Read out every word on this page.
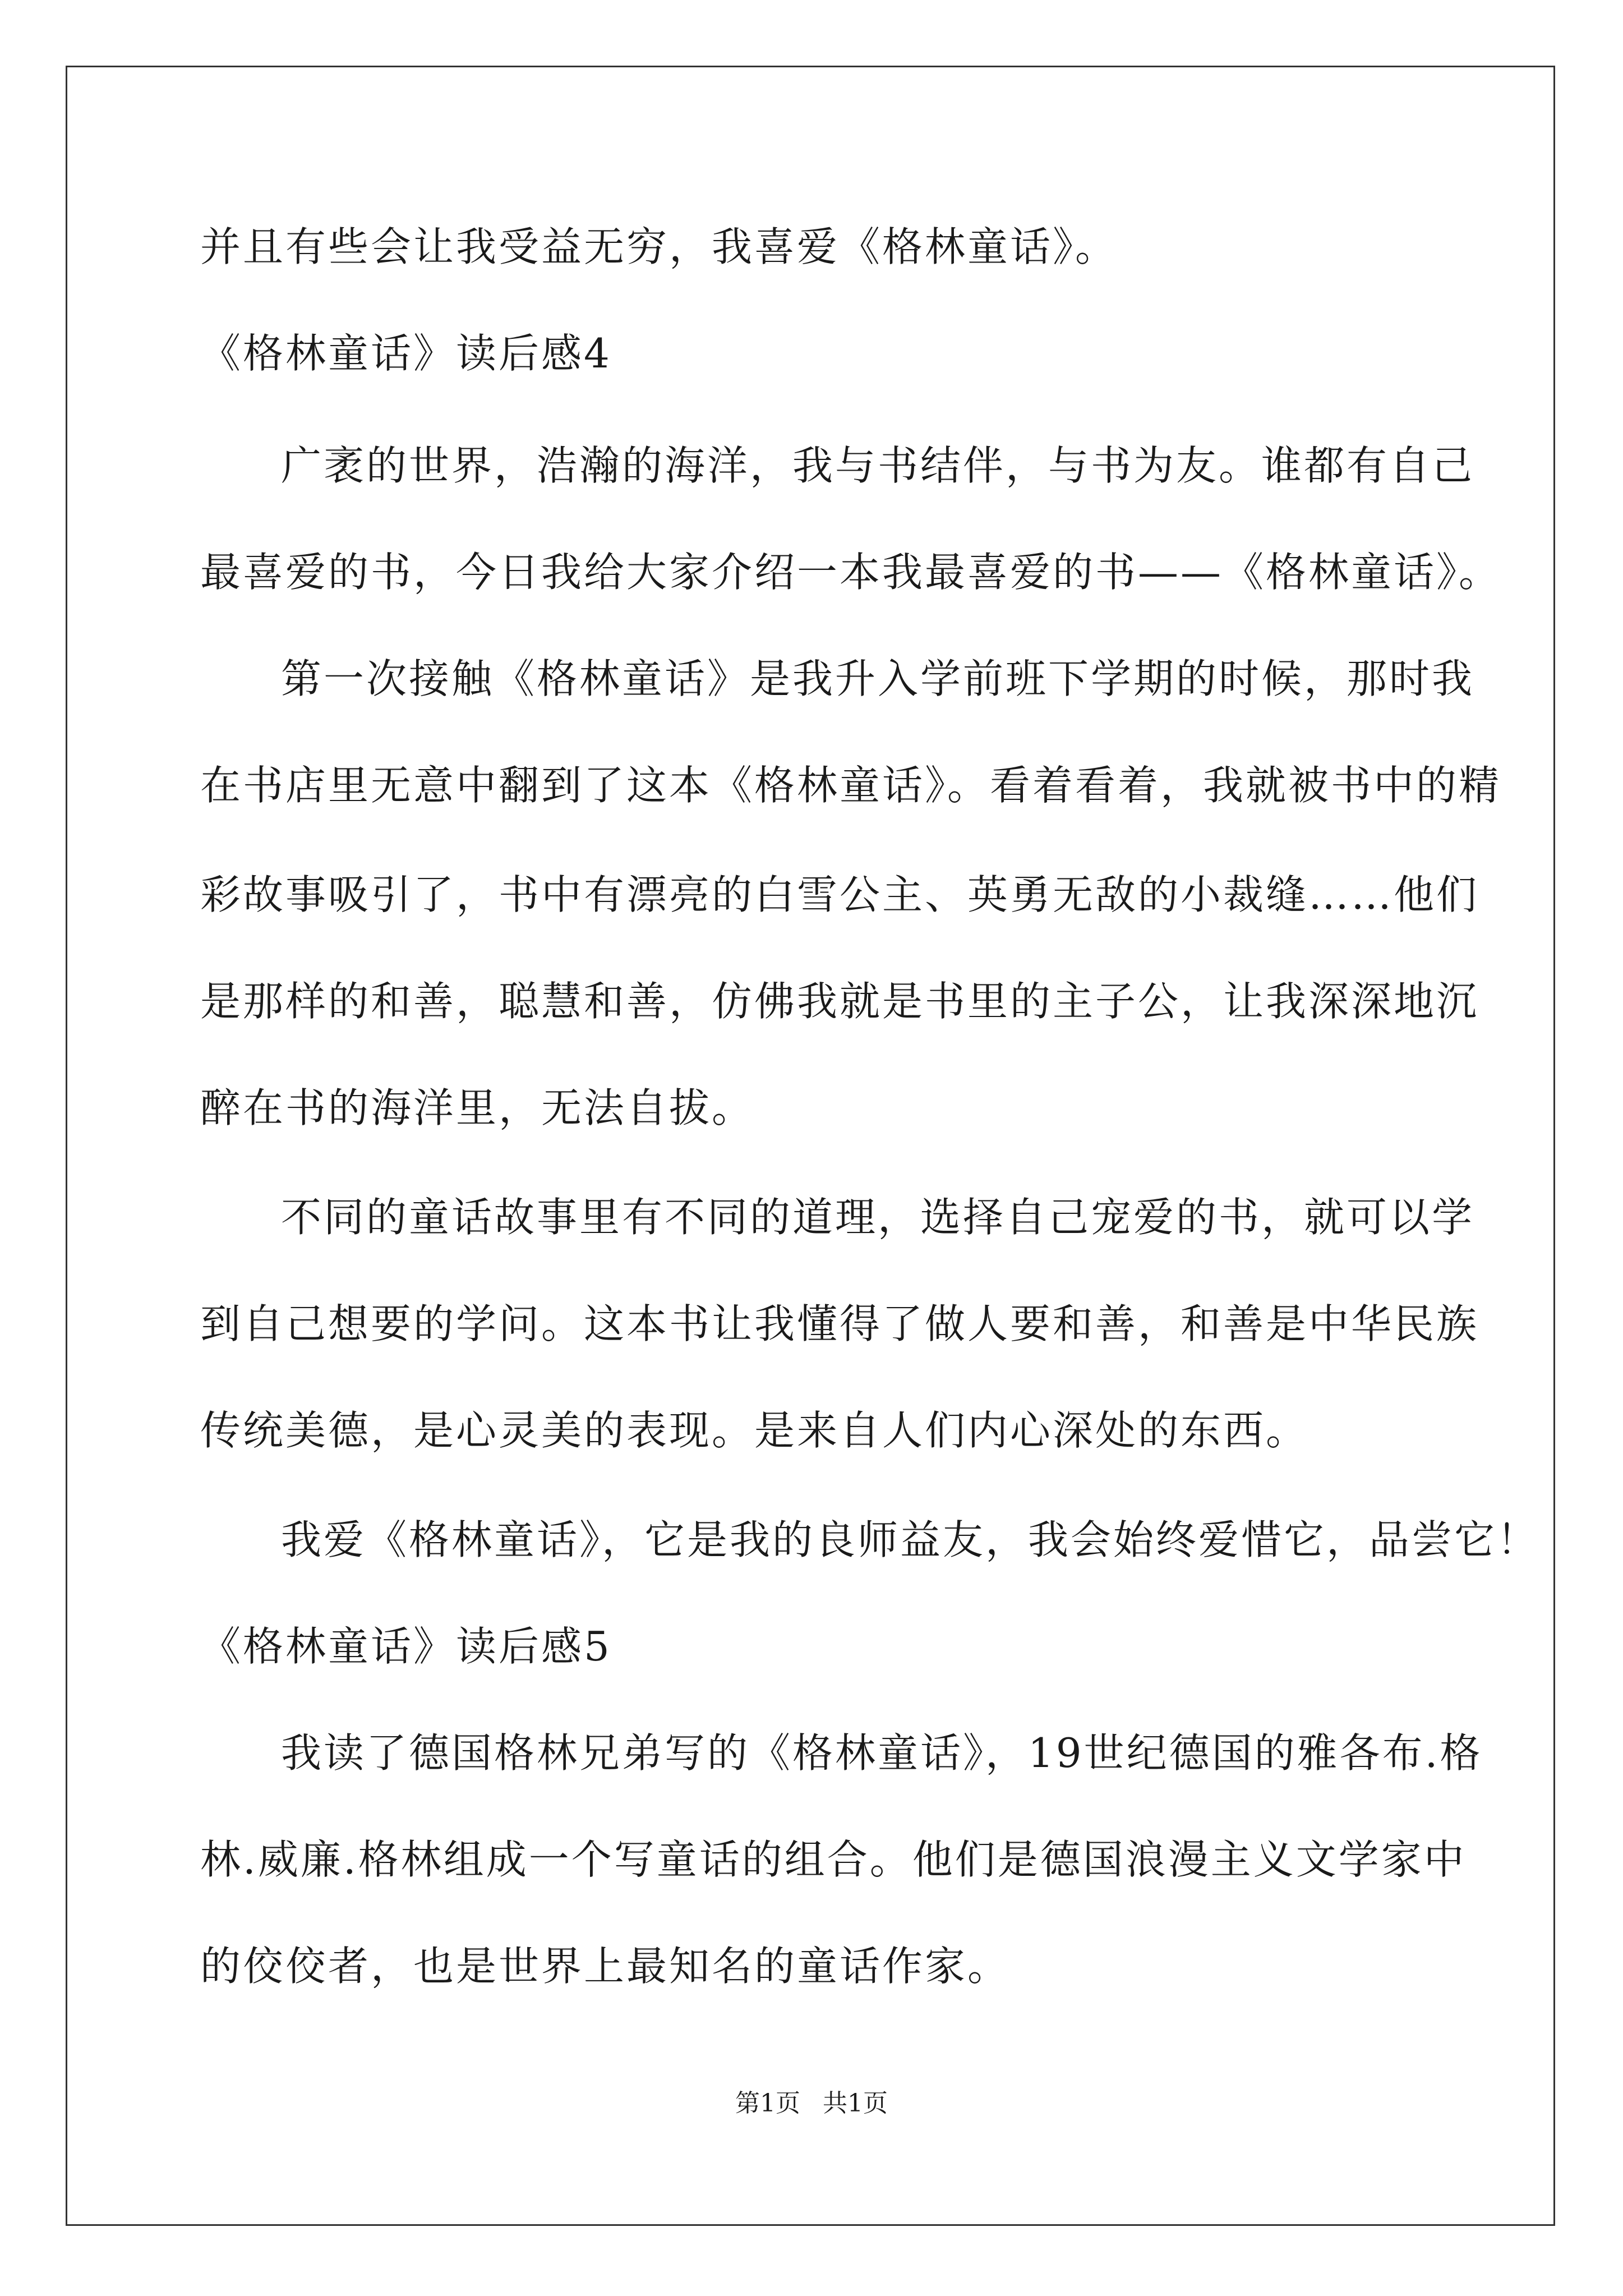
并且有些会让我受益无穷，我喜爱《格林童话》。
《格林童话》读后感4
广袤的世界，浩瀚的海洋，我与书结伴，与书为友。谁都有自己
最喜爱的书，今日我给大家介绍一本我最喜爱的书——《格林童话》。
第一次接触《格林童话》是我升入学前班下学期的时候，那时我
在书店里无意中翻到了这本《格林童话》。看着看着，我就被书中的精
彩故事吸引了，书中有漂亮的白雪公主、英勇无敌的小裁缝……他们
是那样的和善，聪慧和善，仿佛我就是书里的主子公，让我深深地沉
醉在书的海洋里，无法自拔。
不同的童话故事里有不同的道理，选择自己宠爱的书，就可以学
到自己想要的学问。这本书让我懂得了做人要和善，和善是中华民族
传统美德，是心灵美的表现。是来自人们内心深处的东西。
我爱《格林童话》，它是我的良师益友，我会始终爱惜它，品尝它！
《格林童话》读后感5
我读了德国格林兄弟写的《格林童话》，19世纪德国的雅各布.格
林.威廉.格林组成一个写童话的组合。他们是德国浪漫主义文学家中
的佼佼者，也是世界上最知名的童话作家。
第1页 共1页
